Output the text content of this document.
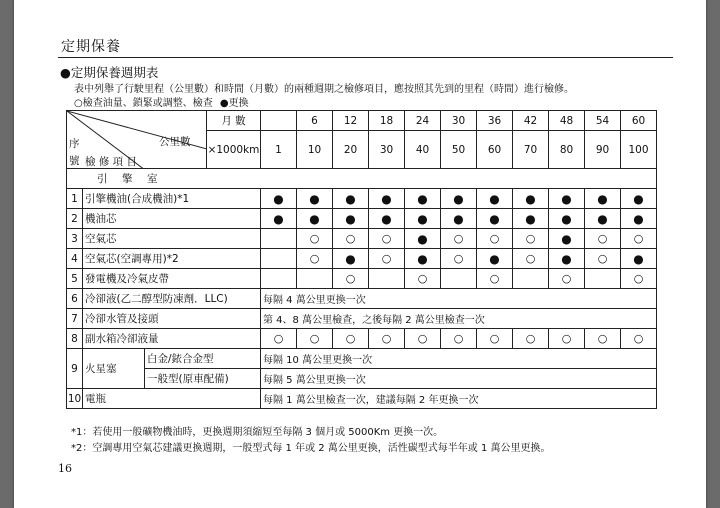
定期保養
●定期保養週期表
表中列舉了行駛里程（公里數）和時間（月數）的兩種週期之檢修項目，應按照其先到的里程（時間）進行檢修。
○檢查油量、鎖緊或調整、檢查 ●更換
序
號 檢 修 項 目
公里數			月 數		6	12	18	24	30	36	42	48	54	60
			×1000km	1	10	20	30	40	50	60	70	80	90	100

引　擎　室														
1	引擎機油(合成機油)*1			●	●	●	●	●	●	●	●	●	●	●
2	機油芯			●	●	●	●	●	●	●	●	●	●	●
3	空氣芯				○	○	○	●	○	○	○	●	○	○
4	空氣芯(空調專用)*2				○	●	○	●	○	●	○	●	○	●
5	發電機及冷氣皮帶					○		○		○		○		○
6	冷卻液(乙二醇型防凍劑．LLC)			每隔 4 萬公里更換一次										
7	冷卻水管及接頭			第 4、8 萬公里檢查，之後每隔 2 萬公里檢查一次										
8	副水箱冷卻液量			○	○	○	○	○	○	○	○	○	○	○
9	火星塞	白金/銥合金型		每隔 10 萬公里更換一次										
		一般型(原車配備)		每隔 5 萬公里更換一次										
10	電瓶			每隔 1 萬公里檢查一次，建議每隔 2 年更換一次										
*1：若使用一般礦物機油時，更換週期須縮短至每隔 3 個月或 5000Km 更換一次。
*2：空調專用空氣芯建議更換週期，一般型式每 1 年或 2 萬公里更換，活性碳型式每半年或 1 萬公里更換。
16
